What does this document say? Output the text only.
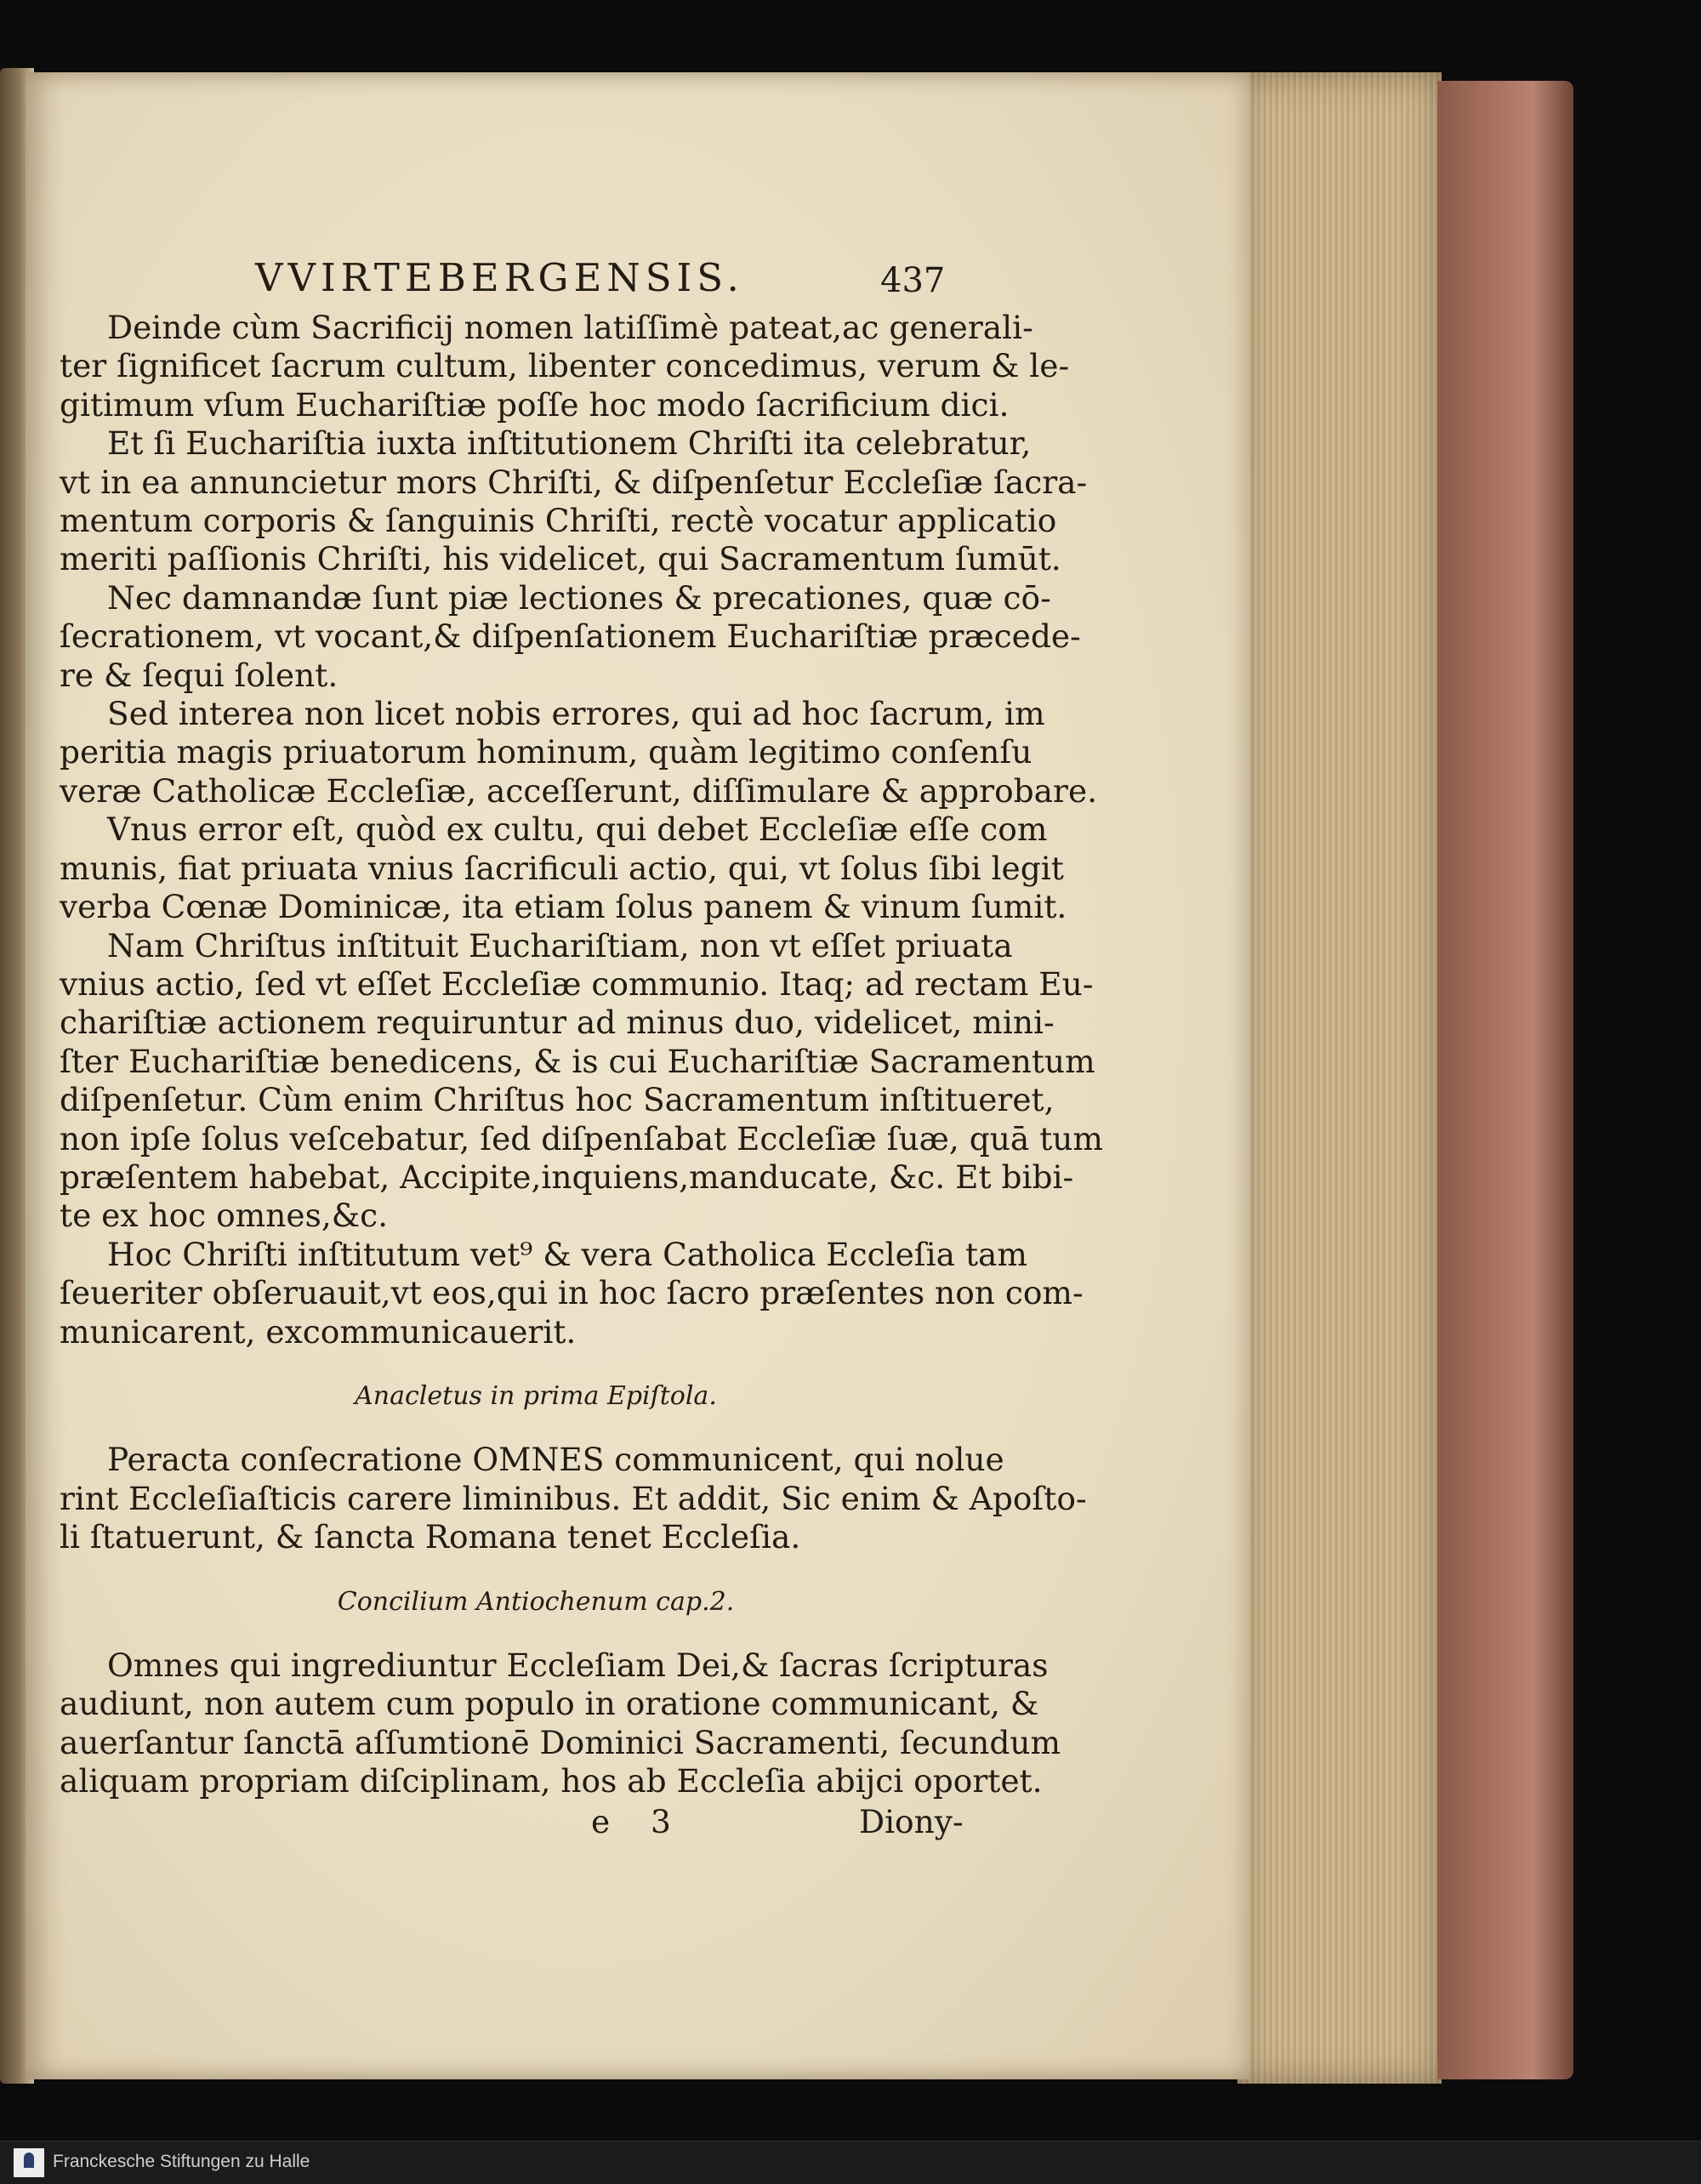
VVIRTEBERGENSIS.	437
Deinde cùm Sacrificij nomen latiſſimè pateat,ac generali-
ter ſignificet ſacrum cultum, libenter concedimus, verum & le-
gitimum vſum Euchariſtiæ poſſe hoc modo ſacrificium dici.
Et ſi Euchariſtia iuxta inſtitutionem Chriſti ita celebratur,
vt in ea annuncietur mors Chriſti, & diſpenſetur Eccleſiæ ſacra-
mentum corporis & ſanguinis Chriſti, rectè vocatur applicatio
meriti paſſionis Chriſti, his videlicet, qui Sacramentum ſumūt.
Nec damnandæ ſunt piæ lectiones & precationes, quæ cō-
ſecrationem, vt vocant,& diſpenſationem Euchariſtiæ præcede-
re & ſequi ſolent.
Sed interea non licet nobis errores, qui ad hoc ſacrum, im
peritia magis priuatorum hominum, quàm legitimo conſenſu
veræ Catholicæ Eccleſiæ, acceſſerunt, diſſimulare & approbare.
Vnus error eſt, quòd ex cultu, qui debet Eccleſiæ eſſe com
munis, fiat priuata vnius ſacrificuli actio, qui, vt ſolus ſibi legit
verba Cœnæ Dominicæ, ita etiam ſolus panem & vinum ſumit.
Nam Chriſtus inſtituit Euchariſtiam, non vt eſſet priuata
vnius actio, ſed vt eſſet Eccleſiæ communio. Itaq; ad rectam Eu-
chariſtiæ actionem requiruntur ad minus duo, videlicet, mini-
ſter Euchariſtiæ benedicens, & is cui Euchariſtiæ Sacramentum
diſpenſetur. Cùm enim Chriſtus hoc Sacramentum inſtitueret,
non ipſe ſolus veſcebatur, ſed diſpenſabat Eccleſiæ ſuæ, quā tum
præſentem habebat, Accipite,inquiens,manducate, &c. Et bibi-
te ex hoc omnes,&c.
Hoc Chriſti inſtitutum vet⁹ & vera Catholica Eccleſia tam
ſeueriter obſeruauit,vt eos,qui in hoc ſacro præſentes non com-
municarent, excommunicauerit.
Anacletus in prima Epiſtola.
Peracta conſecratione OMNES communicent, qui nolue
rint Eccleſiaſticis carere liminibus. Et addit, Sic enim & Apoſto-
li ſtatuerunt, & ſancta Romana tenet Eccleſia.
Concilium Antiochenum cap.2.
Omnes qui ingrediuntur Eccleſiam Dei,& ſacras ſcripturas
audiunt, non autem cum populo in oratione communicant, &
auerſantur ſanctā aſſumtionē Dominici Sacramenti, ſecundum
aliquam propriam diſciplinam, hos ab Eccleſia abijci oportet.
e 3	Diony-
Franckesche Stiftungen zu Halle
